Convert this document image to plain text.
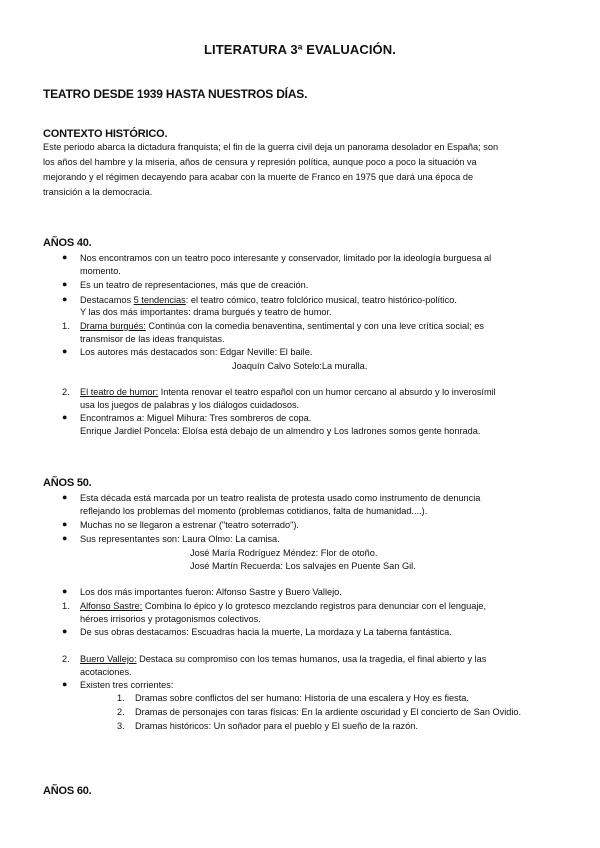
LITERATURA 3ª EVALUACIÓN.
TEATRO DESDE 1939 HASTA NUESTROS DÍAS.
CONTEXTO HISTÓRICO.
Este periodo abarca la dictadura franquista; el fin de la guerra civil deja un panorama desolador en España; son
los años del hambre y la miseria, años de censura y represión política, aunque poco a poco la situación va
mejorando y el régimen decayendo para acabar con la muerte de Franco en 1975 que dará una época de
transición a la democracia.
AÑOS 40.
● Nos encontramos con un teatro poco interesante y conservador, limitado por la ideología burguesa al
momento.
● Es un teatro de representaciones, más que de creación.
● Destacamos 5 tendencias: el teatro cómico, teatro folclórico musical, teatro histórico-político.
Y las dos más importantes: drama burgués y teatro de humor.
1. Drama burgués: Continúa con la comedia benaventina, sentimental y con una leve crítica social; es
transmisor de las ideas franquistas.
● Los autores más destacados son: Edgar Neville: El baile.
Joaquín Calvo Sotelo:La muralla.
2. El teatro de humor: Intenta renovar el teatro español con un humor cercano al absurdo y lo inverosímil
usa los juegos de palabras y los diálogos cuidadosos.
● Encontramos a: Miguel Mihura: Tres sombreros de copa.
Enrique Jardiel Poncela: Eloísa está debajo de un almendro y Los ladrones somos gente honrada.
AÑOS 50.
● Esta década está marcada por un teatro realista de protesta usado como instrumento de denuncia
reflejando los problemas del momento (problemas cotidianos, falta de humanidad....).
● Muchas no se llegaron a estrenar ("teatro soterrado").
● Sus representantes son: Laura Olmo: La camisa.
José María Rodríguez Méndez: Flor de otoño.
José Martín Recuerda: Los salvajes en Puente San Gil.
● Los dos más importantes fueron: Alfonso Sastre y Buero Vallejo.
1. Alfonso Sastre: Combina lo épico y lo grotesco mezclando registros para denunciar con el lenguaje,
héroes irrisorios y protagonismos colectivos.
● De sus obras destacamos: Escuadras hacia la muerte, La mordaza y La taberna fantástica.
2. Buero Vallejo: Destaca su compromiso con los temas humanos, usa la tragedia, el final abierto y las
acotaciones.
● Existen tres corrientes:
1. Dramas sobre conflictos del ser humano: Historia de una escalera y Hoy es fiesta.
2. Dramas de personajes con taras físicas: En la ardiente oscuridad y El concierto de San Ovidio.
3. Dramas históricos: Un soñador para el pueblo y El sueño de la razón.
AÑOS 60.
